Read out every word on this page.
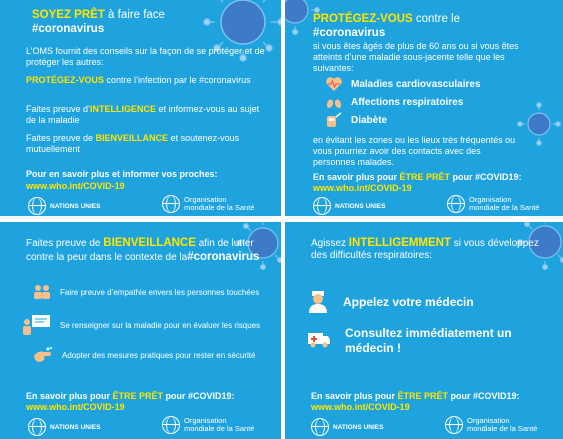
SOYEZ PRÊT à faire face
#coronavirus
L’OMS fournit des conseils sur la façon de se protéger et de protéger les autres:
PROTÉGEZ-VOUS contre l’infection par le #coronavirus
Faites preuve d’INTELLIGENCE et informez-vous au sujet de la maladie
Faites preuve de BIENVEILLANCE et soutenez-vous mutuellement
Pour en savoir plus et informer vos proches:
www.who.int/COVID-19
NATIONS UNIES
Organisation
mondiale de la Santé
PROTÉGEZ-VOUS contre le
#coronavirus
si vous êtes âgés de plus de 60 ans ou si vous êtes atteints d’une maladie sous-jacente telle que les suivantes:
Maladies cardiovasculaires
Affections respiratoires
Diabète
en évitant les zones ou les lieux très fréquentés ou vous pourriez avoir des contacts avec des personnes malades.
En savoir plus pour ÊTRE PRÊT pour #COVID19:
www.who.int/COVID-19
NATIONS UNIES
Organisation
mondiale de la Santé
Faites preuve de BIENVEILLANCE afin de lutter contre la peur dans le contexte de la#coronavirus
Faire preuve d’empathie envers les personnes touchées
Se renseigner sur la maladie pour en évaluer les risques
Adopter des mesures pratiques pour rester en sécurité
En savoir plus pour ÊTRE PRÊT pour #COVID19:
www.who.int/COVID-19
NATIONS UNIES
Organisation
mondiale de la Santé
Agissez INTELLIGEMMENT si vous développez des difficultés respiratoires:
Appelez votre médecin
Consultez immédiatement un médecin !
En savoir plus pour ÊTRE PRÊT pour #COVID19:
www.who.int/COVID-19
NATIONS UNIES
Organisation
mondiale de la Santé
